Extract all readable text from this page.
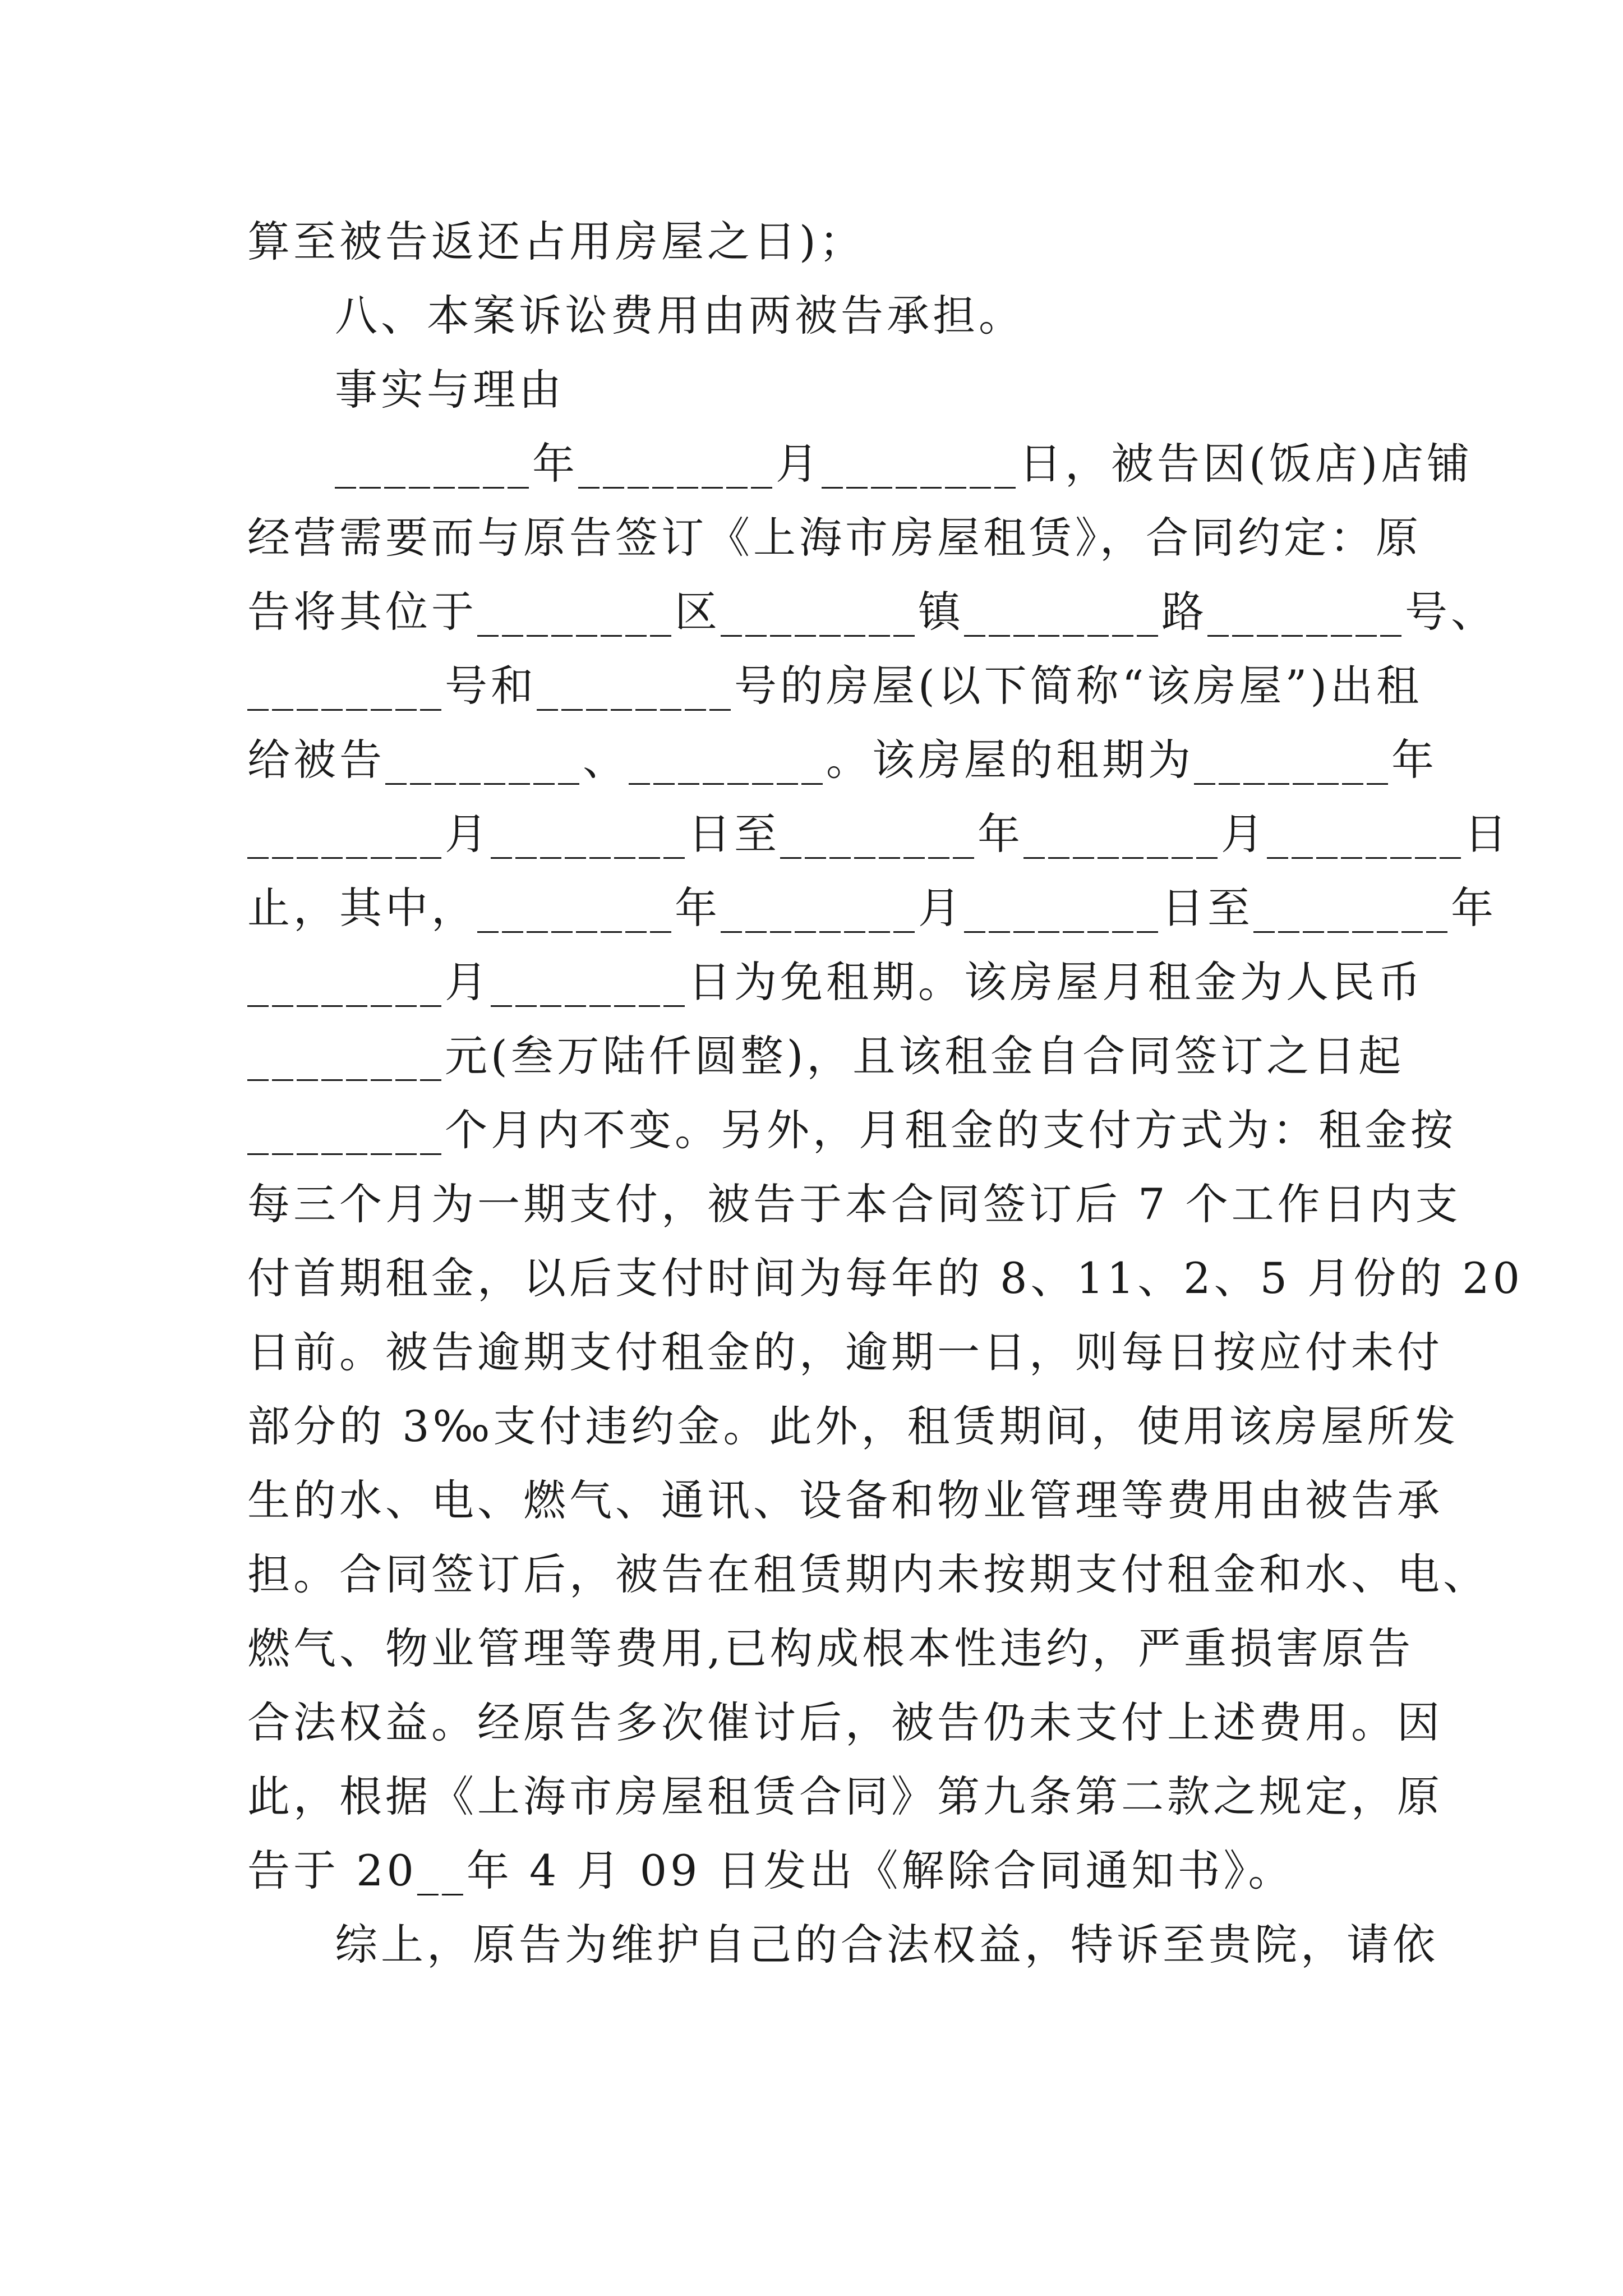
算至被告返还占用房屋之日)；
八、本案诉讼费用由两被告承担。
事实与理由
________年________月________日，被告因(饭店)店铺
经营需要而与原告签订《上海市房屋租赁》，合同约定：原
告将其位于________区________镇________路________号、
________号和________号的房屋(以下简称“该房屋”)出租
给被告________、________。该房屋的租期为________年
________月________日至________年________月________日
止，其中，________年________月________日至________年
________月________日为免租期。该房屋月租金为人民币
________元(叁万陆仟圆整)，且该租金自合同签订之日起
________个月内不变。另外，月租金的支付方式为：租金按
每三个月为一期支付，被告于本合同签订后 7 个工作日内支
付首期租金，以后支付时间为每年的 8、11、2、5 月份的 20
日前。被告逾期支付租金的，逾期一日，则每日按应付未付
部分的 3‰支付违约金。此外，租赁期间，使用该房屋所发
生的水、电、燃气、通讯、设备和物业管理等费用由被告承
担。合同签订后，被告在租赁期内未按期支付租金和水、电、
燃气、物业管理等费用,已构成根本性违约，严重损害原告
合法权益。经原告多次催讨后，被告仍未支付上述费用。因
此，根据《上海市房屋租赁合同》第九条第二款之规定，原
告于 20__年 4 月 09 日发出《解除合同通知书》。
综上，原告为维护自己的合法权益，特诉至贵院，请依
